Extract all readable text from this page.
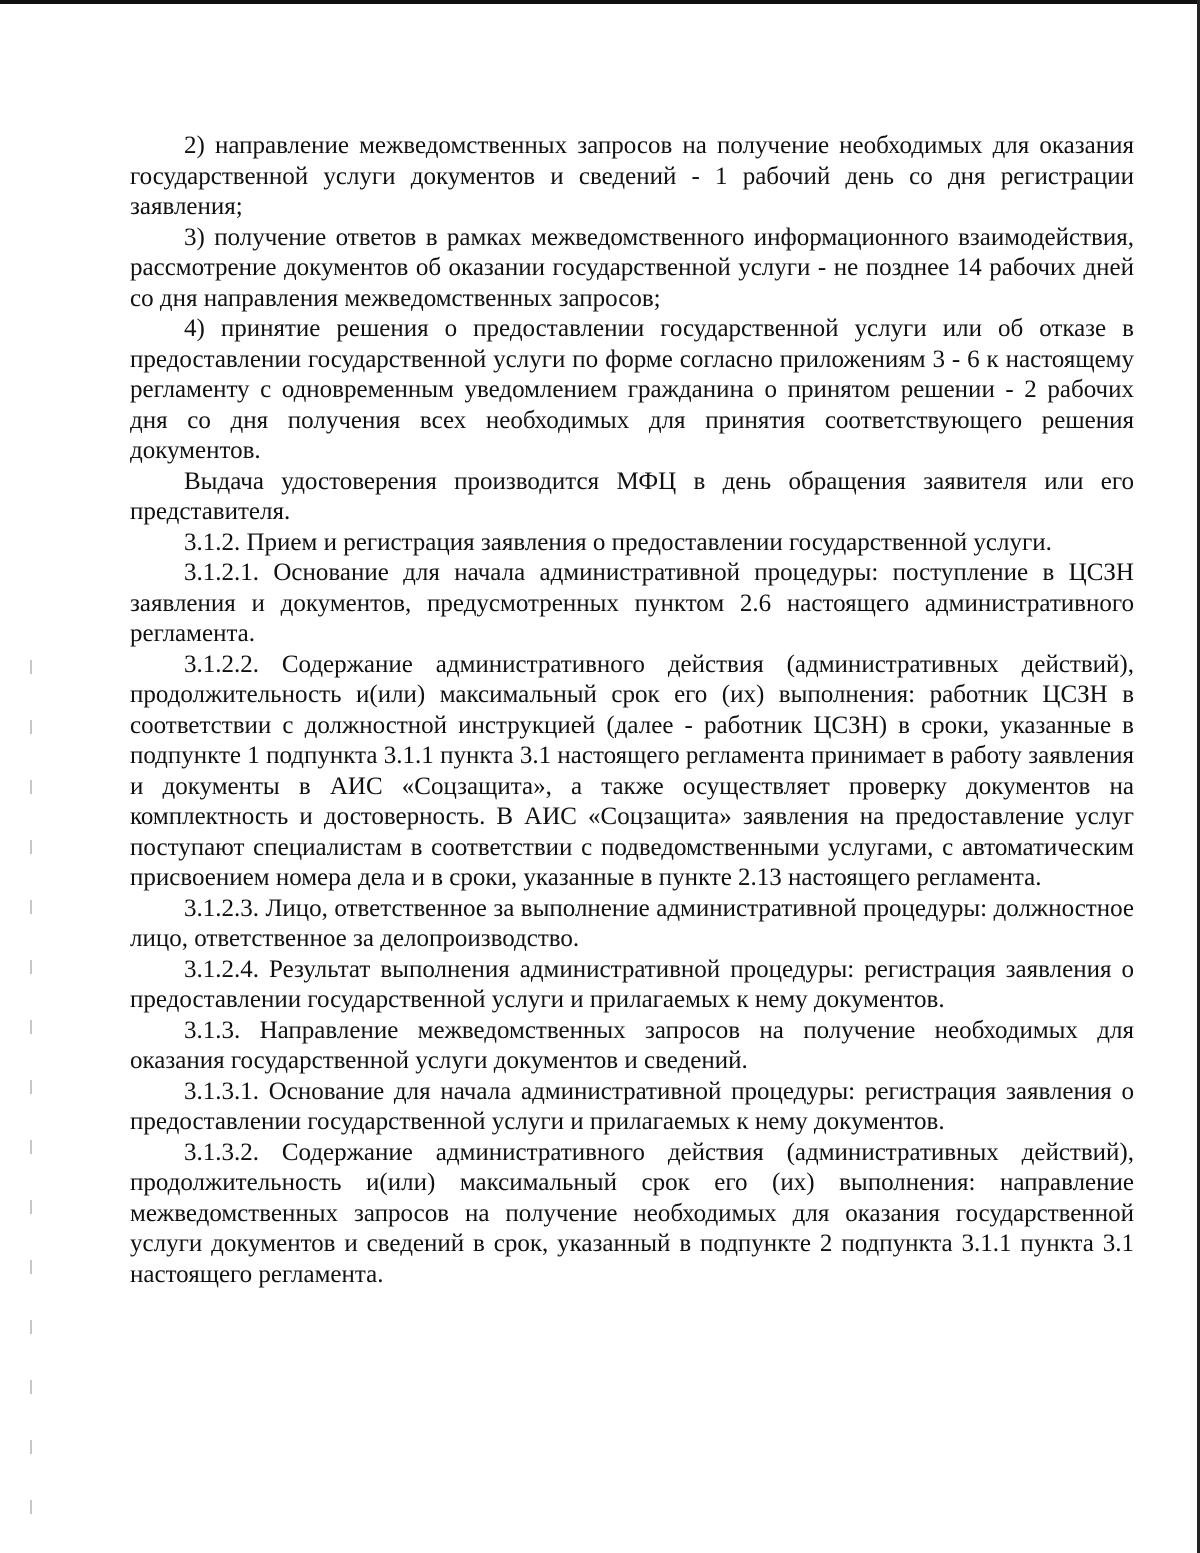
2) направление межведомственных запросов на получение необходимых для оказания государственной услуги документов и сведений - 1 рабочий день со дня регистрации заявления;

3) получение ответов в рамках межведомственного информационного взаимодействия, рассмотрение документов об оказании государственной услуги - не позднее 14 рабочих дней со дня направления межведомственных запросов;

4) принятие решения о предоставлении государственной услуги или об отказе в предоставлении государственной услуги по форме согласно приложениям 3 - 6 к настоящему регламенту с одновременным уведомлением гражданина о принятом решении - 2 рабочих дня со дня получения всех необходимых для принятия соответствующего решения документов.

Выдача удостоверения производится МФЦ в день обращения заявителя или его представителя.

3.1.2. Прием и регистрация заявления о предоставлении государственной услуги.

3.1.2.1. Основание для начала административной процедуры: поступление в ЦСЗН заявления и документов, предусмотренных пунктом 2.6 настоящего административного регламента.

3.1.2.2. Содержание административного действия (административных действий), продолжительность и(или) максимальный срок его (их) выполнения: работник ЦСЗН в соответствии с должностной инструкцией (далее - работник ЦСЗН) в сроки, указанные в подпункте 1 подпункта 3.1.1 пункта 3.1 настоящего регламента принимает в работу заявления и документы в АИС «Соцзащита», а также осуществляет проверку документов на комплектность и достоверность. В АИС «Соцзащита» заявления на предоставление услуг поступают специалистам в соответствии с подведомственными услугами, с автоматическим присвоением номера дела и в сроки, указанные в пункте 2.13 настоящего регламента.

3.1.2.3. Лицо, ответственное за выполнение административной процедуры: должностное лицо, ответственное за делопроизводство.

3.1.2.4. Результат выполнения административной процедуры: регистрация заявления о предоставлении государственной услуги и прилагаемых к нему документов.

3.1.3. Направление межведомственных запросов на получение необходимых для оказания государственной услуги документов и сведений.

3.1.3.1. Основание для начала административной процедуры: регистрация заявления о предоставлении государственной услуги и прилагаемых к нему документов.

3.1.3.2. Содержание административного действия (административных действий), продолжительность и(или) максимальный срок его (их) выполнения: направление межведомственных запросов на получение необходимых для оказания государственной услуги документов и сведений в срок, указанный в подпункте 2 подпункта 3.1.1 пункта 3.1 настоящего регламента.
